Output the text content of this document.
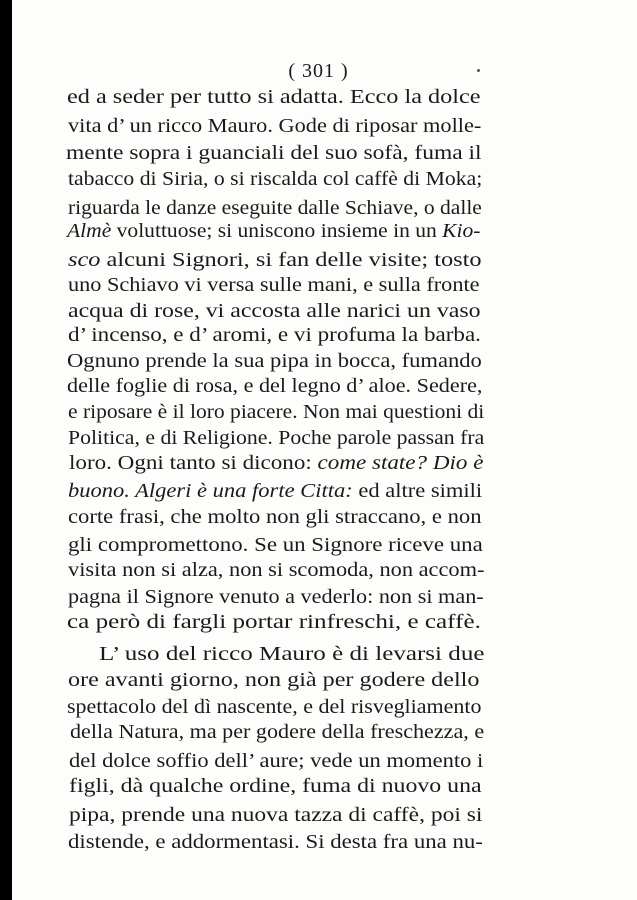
( 301 )
ed a seder per tutto si adatta. Ecco la dolce
vita d’ un ricco Mauro. Gode di riposar molle-
mente sopra i guanciali del suo sofà, fuma il
tabacco di Siria, o si riscalda col caffè di Moka;
riguarda le danze eseguite dalle Schiave, o dalle
Almè voluttuose; si uniscono insieme in un Kio-
sco alcuni Signori, si fan delle visite; tosto
uno Schiavo vi versa sulle mani, e sulla fronte
acqua di rose, vi accosta alle narici un vaso
d’ incenso, e d’ aromi, e vi profuma la barba.
Ognuno prende la sua pipa in bocca, fumando
delle foglie di rosa, e del legno d’ aloe. Sedere,
e riposare è il loro piacere. Non mai questioni di
Politica, e di Religione. Poche parole passan fra
loro. Ogni tanto si dicono: come state? Dio è
buono. Algeri è una forte Citta: ed altre simili
corte frasi, che molto non gli straccano, e non
gli compromettono. Se un Signore riceve una
visita non si alza, non si scomoda, non accom-
pagna il Signore venuto a vederlo: non si man-
ca però di fargli portar rinfreschi, e caffè.
L’ uso del ricco Mauro è di levarsi due
ore avanti giorno, non già per godere dello
spettacolo del dì nascente, e del risvegliamento
della Natura, ma per godere della freschezza, e
del dolce soffio dell’ aure; vede un momento i
figli, dà qualche ordine, fuma di nuovo una
pipa, prende una nuova tazza di caffè, poi si
distende, e addormentasi. Si desta fra una nu-
